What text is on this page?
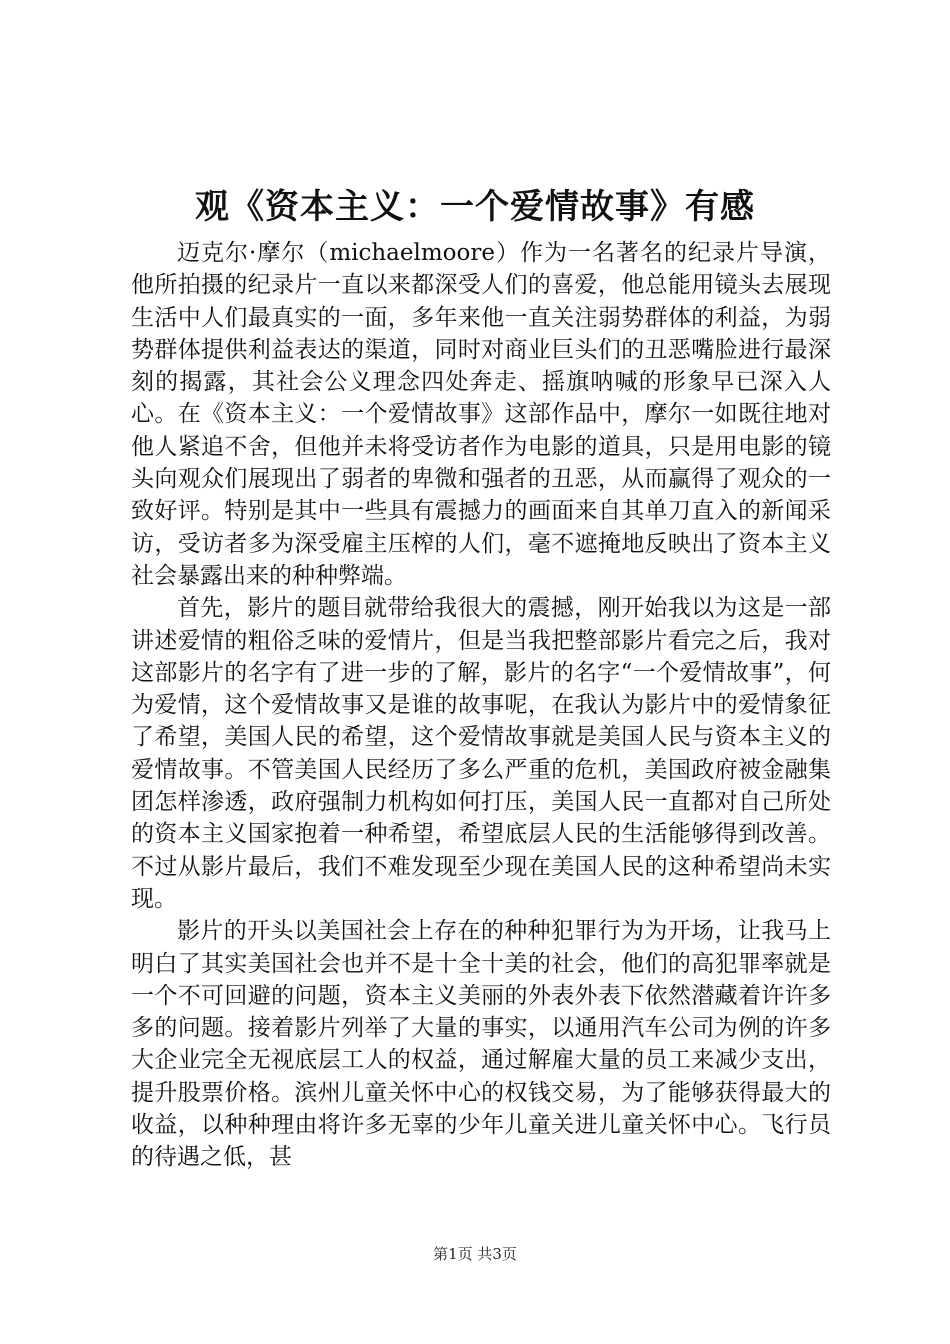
观《资本主义：一个爱情故事》有感

迈克尔·摩尔（michaelmoore）作为一名著名的纪录片导演，他所拍摄的纪录片一直以来都深受人们的喜爱，他总能用镜头去展现生活中人们最真实的一面，多年来他一直关注弱势群体的利益，为弱势群体提供利益表达的渠道，同时对商业巨头们的丑恶嘴脸进行最深刻的揭露，其社会公义理念四处奔走、摇旗呐喊的形象早已深入人心。在《资本主义：一个爱情故事》这部作品中，摩尔一如既往地对他人紧追不舍，但他并未将受访者作为电影的道具，只是用电影的镜头向观众们展现出了弱者的卑微和强者的丑恶，从而赢得了观众的一致好评。特别是其中一些具有震撼力的画面来自其单刀直入的新闻采访，受访者多为深受雇主压榨的人们，毫不遮掩地反映出了资本主义社会暴露出来的种种弊端。

首先，影片的题目就带给我很大的震撼，刚开始我以为这是一部讲述爱情的粗俗乏味的爱情片，但是当我把整部影片看完之后，我对这部影片的名字有了进一步的了解，影片的名字“一个爱情故事”，何为爱情，这个爱情故事又是谁的故事呢，在我认为影片中的爱情象征了希望，美国人民的希望，这个爱情故事就是美国人民与资本主义的爱情故事。不管美国人民经历了多么严重的危机，美国政府被金融集团怎样渗透，政府强制力机构如何打压，美国人民一直都对自己所处的资本主义国家抱着一种希望，希望底层人民的生活能够得到改善。不过从影片最后，我们不难发现至少现在美国人民的这种希望尚未实现。

影片的开头以美国社会上存在的种种犯罪行为为开场，让我马上明白了其实美国社会也并不是十全十美的社会，他们的高犯罪率就是一个不可回避的问题，资本主义美丽的外表外表下依然潜藏着许许多多的问题。接着影片列举了大量的事实，以通用汽车公司为例的许多大企业完全无视底层工人的权益，通过解雇大量的员工来减少支出，提升股票价格。滨州儿童关怀中心的权钱交易，为了能够获得最大的收益，以种种理由将许多无辜的少年儿童关进儿童关怀中心。飞行员的待遇之低，甚

第1页 共3页
